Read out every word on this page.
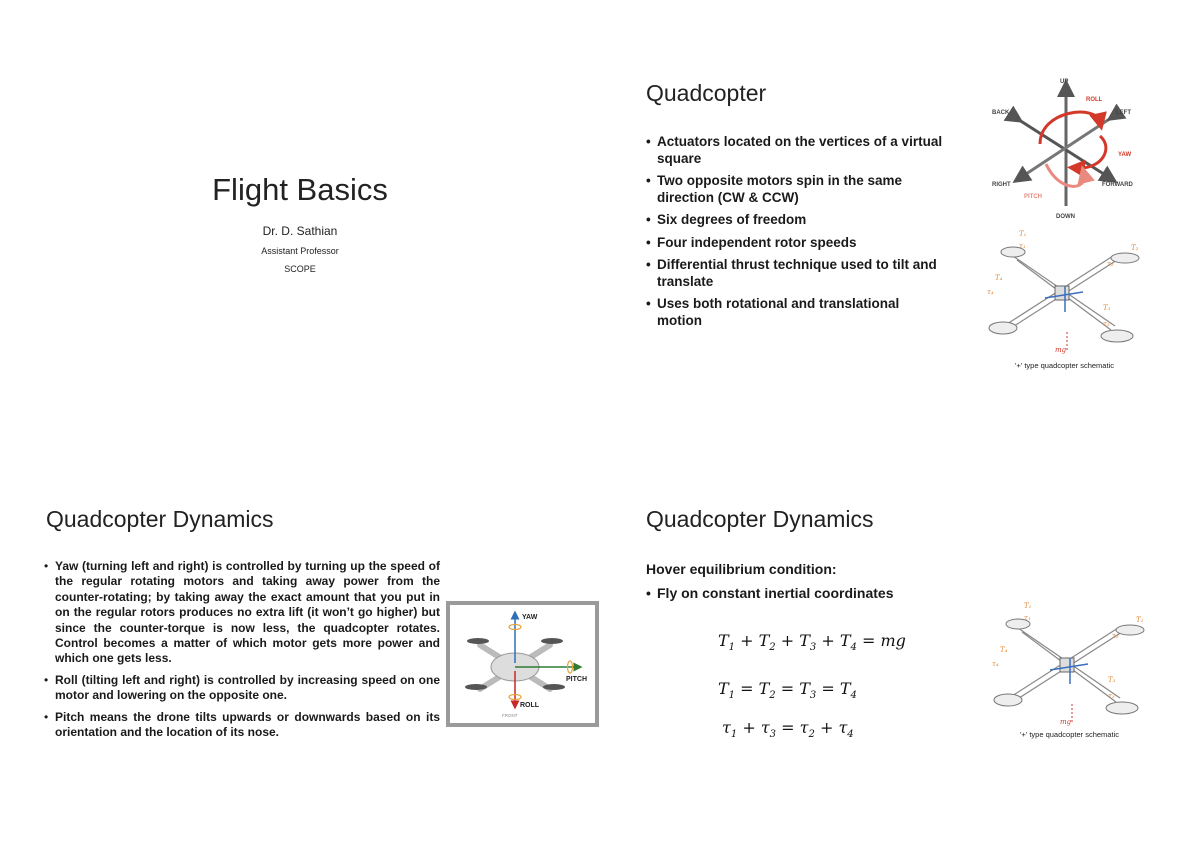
Flight Basics
Dr. D. Sathian
Assistant Professor
SCOPE
Quadcopter
• Actuators located on the vertices of a virtual square
• Two opposite motors spin in the same direction (CW & CCW)
• Six degrees of freedom
• Four independent rotor speeds
• Differential thrust technique used to tilt and translate
• Uses both rotational and translational motion
UP
DOWN
BACK	LEFT
RIGHT	FORWARD
ROLL
YAW
PITCH
T₁
τ₁	T₂
τ₂
T₃
τ₃
T₄
τ₄
mg
'+' type quadcopter schematic
Quadcopter Dynamics
• Yaw (turning left and right) is controlled by turning up the speed of the regular rotating motors and taking away power from the counter-rotating; by taking away the exact amount that you put in on the regular rotors produces no extra lift (it won’t go higher) but since the counter-torque is now less, the quadcopter rotates. Control becomes a matter of which motor gets more power and which one gets less.
• Roll (tilting left and right) is controlled by increasing speed on one motor and lowering on the opposite one.
• Pitch means the drone tilts upwards or downwards based on its orientation and the location of its nose.
YAW
PITCH
ROLL
FRONT
Quadcopter Dynamics
Hover equilibrium condition:
• Fly on constant inertial coordinates
$T_1 + T_2 + T_3 + T_4$ = mg
$T_1 = T_2 = T_3 = T_4$
$\tau_1 + \tau_3 = \tau_2 + \tau_4$
T₁
τ₁	T₂
τ₂
T₃
τ₃
T₄
τ₄
mg
'+' type quadcopter schematic
